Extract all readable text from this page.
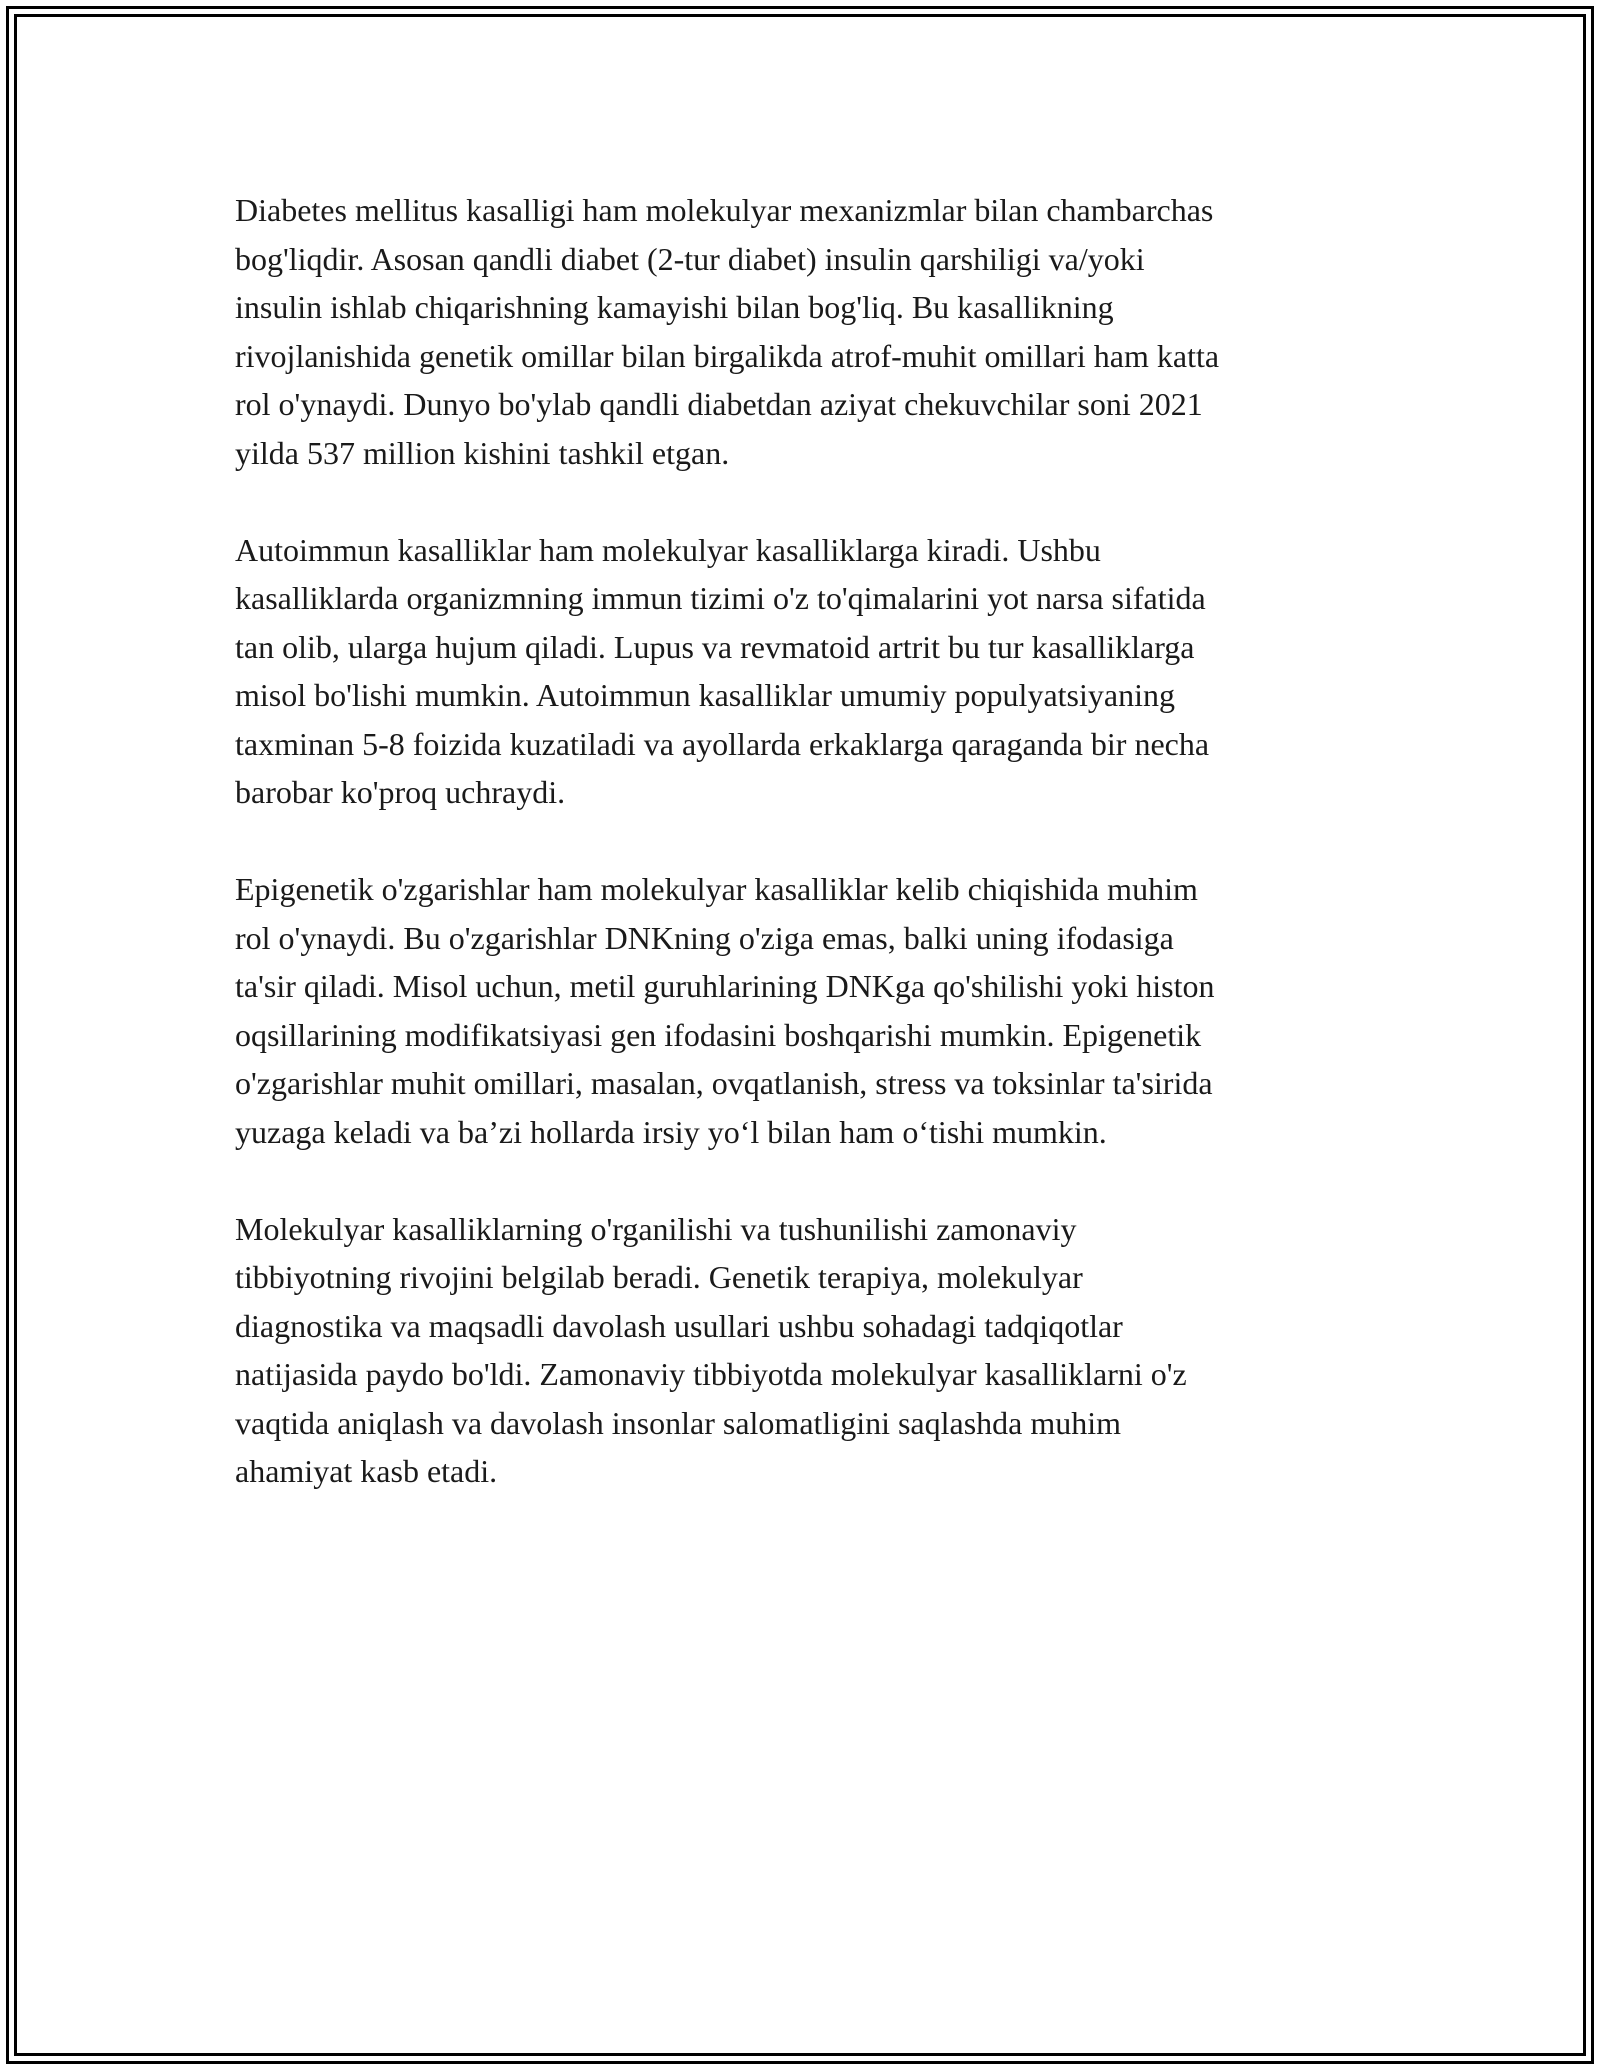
Diabetes mellitus kasalligi ham molekulyar mexanizmlar bilan chambarchas
bog'liqdir. Asosan qandli diabet (2-tur diabet) insulin qarshiligi va/yoki
insulin ishlab chiqarishning kamayishi bilan bog'liq. Bu kasallikning
rivojlanishida genetik omillar bilan birgalikda atrof-muhit omillari ham katta
rol o'ynaydi. Dunyo bo'ylab qandli diabetdan aziyat chekuvchilar soni 2021
yilda 537 million kishini tashkil etgan.

Autoimmun kasalliklar ham molekulyar kasalliklarga kiradi. Ushbu
kasalliklarda organizmning immun tizimi o'z to'qimalarini yot narsa sifatida
tan olib, ularga hujum qiladi. Lupus va revmatoid artrit bu tur kasalliklarga
misol bo'lishi mumkin. Autoimmun kasalliklar umumiy populyatsiyaning
taxminan 5-8 foizida kuzatiladi va ayollarda erkaklarga qaraganda bir necha
barobar ko'proq uchraydi.

Epigenetik o'zgarishlar ham molekulyar kasalliklar kelib chiqishida muhim
rol o'ynaydi. Bu o'zgarishlar DNKning o'ziga emas, balki uning ifodasiga
ta'sir qiladi. Misol uchun, metil guruhlarining DNKga qo'shilishi yoki histon
oqsillarining modifikatsiyasi gen ifodasini boshqarishi mumkin. Epigenetik
o'zgarishlar muhit omillari, masalan, ovqatlanish, stress va toksinlar ta'sirida
yuzaga keladi va ba’zi hollarda irsiy yo‘l bilan ham o‘tishi mumkin.

Molekulyar kasalliklarning o'rganilishi va tushunilishi zamonaviy
tibbiyotning rivojini belgilab beradi. Genetik terapiya, molekulyar
diagnostika va maqsadli davolash usullari ushbu sohadagi tadqiqotlar
natijasida paydo bo'ldi. Zamonaviy tibbiyotda molekulyar kasalliklarni o'z
vaqtida aniqlash va davolash insonlar salomatligini saqlashda muhim
ahamiyat kasb etadi.
